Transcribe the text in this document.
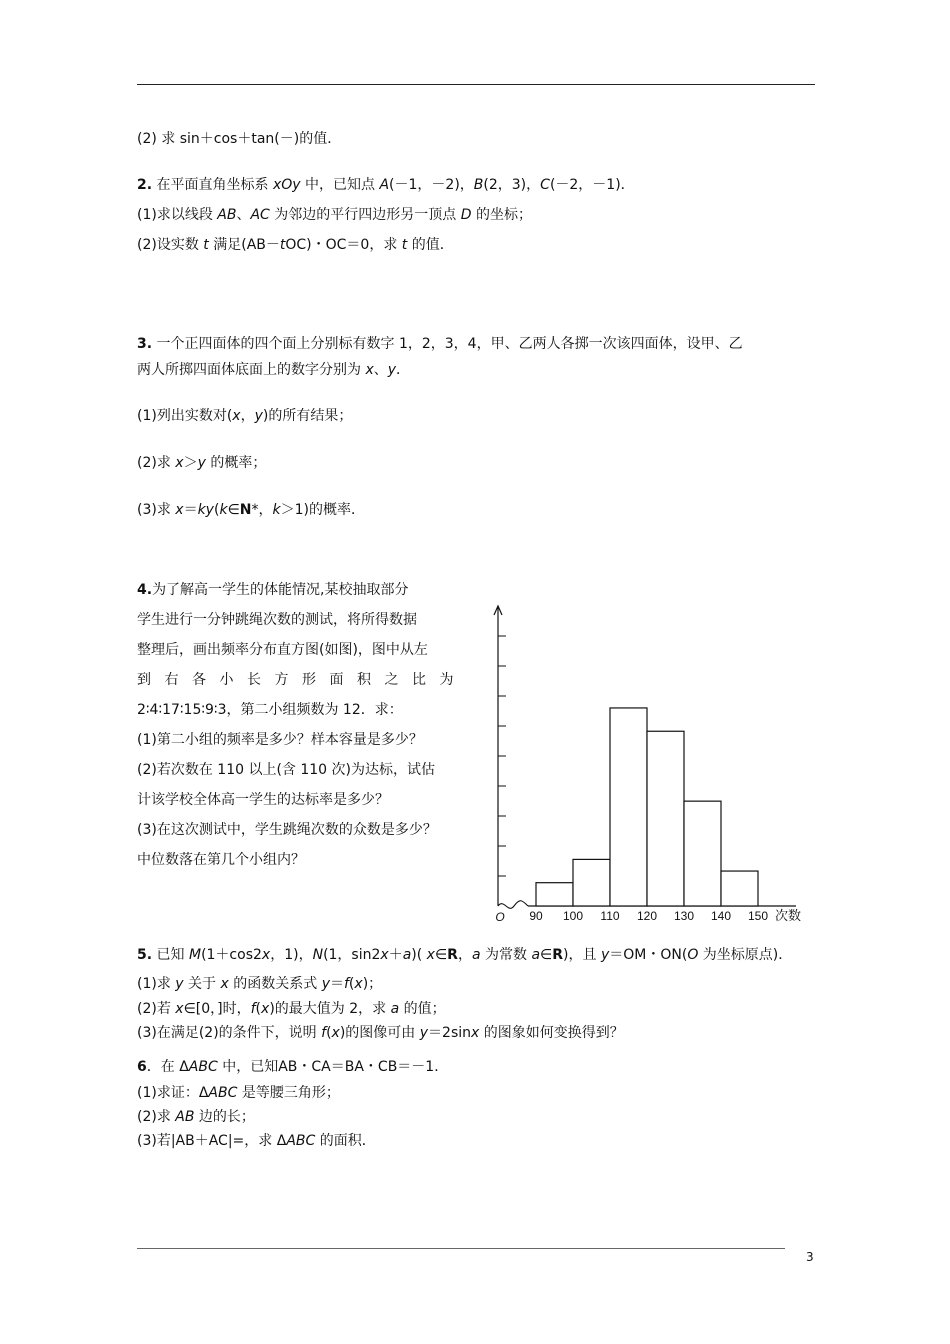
(2) 求 sin＋cos＋tan(－)的值．
2. 在平面直角坐标系 xOy 中，已知点 A(－1，－2)，B(2，3)，C(－2，－1)．
(1)求以线段 AB、AC 为邻边的平行四边形另一顶点 D 的坐标；
(2)设实数 t 满足(AB－tOC)・OC＝0，求 t 的值．
3. 一个正四面体的四个面上分别标有数字 1，2，3，4，甲、乙两人各掷一次该四面体，设甲、乙
两人所掷四面体底面上的数字分别为 x、y．
(1)列出实数对(x，y)的所有结果；
(2)求 x＞y 的概率；
(3)求 x＝ky(k∈N*，k＞1)的概率．
4.为了解高一学生的体能情况,某校抽取部分
学生进行一分钟跳绳次数的测试，将所得数据
整理后，画出频率分布直方图(如图)，图中从左
到右各小长方形面积之比为
2∶4∶17∶15∶9∶3，第二小组频数为 12．求：
(1)第二小组的频率是多少？样本容量是多少？
(2)若次数在 110 以上(含 110 次)为达标，试估
计该学校全体高一学生的达标率是多少？
(3)在这次测试中，学生跳绳次数的众数是多少？
中位数落在第几个小组内？
90 100 110 120 130 140 150
O	次数
5. 已知 M(1＋cos2x，1)，N(1，sin2x＋a)( x∈R，a 为常数 a∈R)，且 y＝OM・ON(O 为坐标原点)．
(1)求 y 关于 x 的函数关系式 y＝f(x)；
(2)若 x∈[0，]时，f(x)的最大值为 2，求 a 的值；
(3)在满足(2)的条件下，说明 f(x)的图像可由 y＝2sinx 的图象如何变换得到？
6．在 ΔABC 中，已知AB・CA＝BA・CB＝－1．
(1)求证：ΔABC 是等腰三角形；
(2)求 AB 边的长；
(3)若|AB＋AC|=，求 ΔABC 的面积．
3
